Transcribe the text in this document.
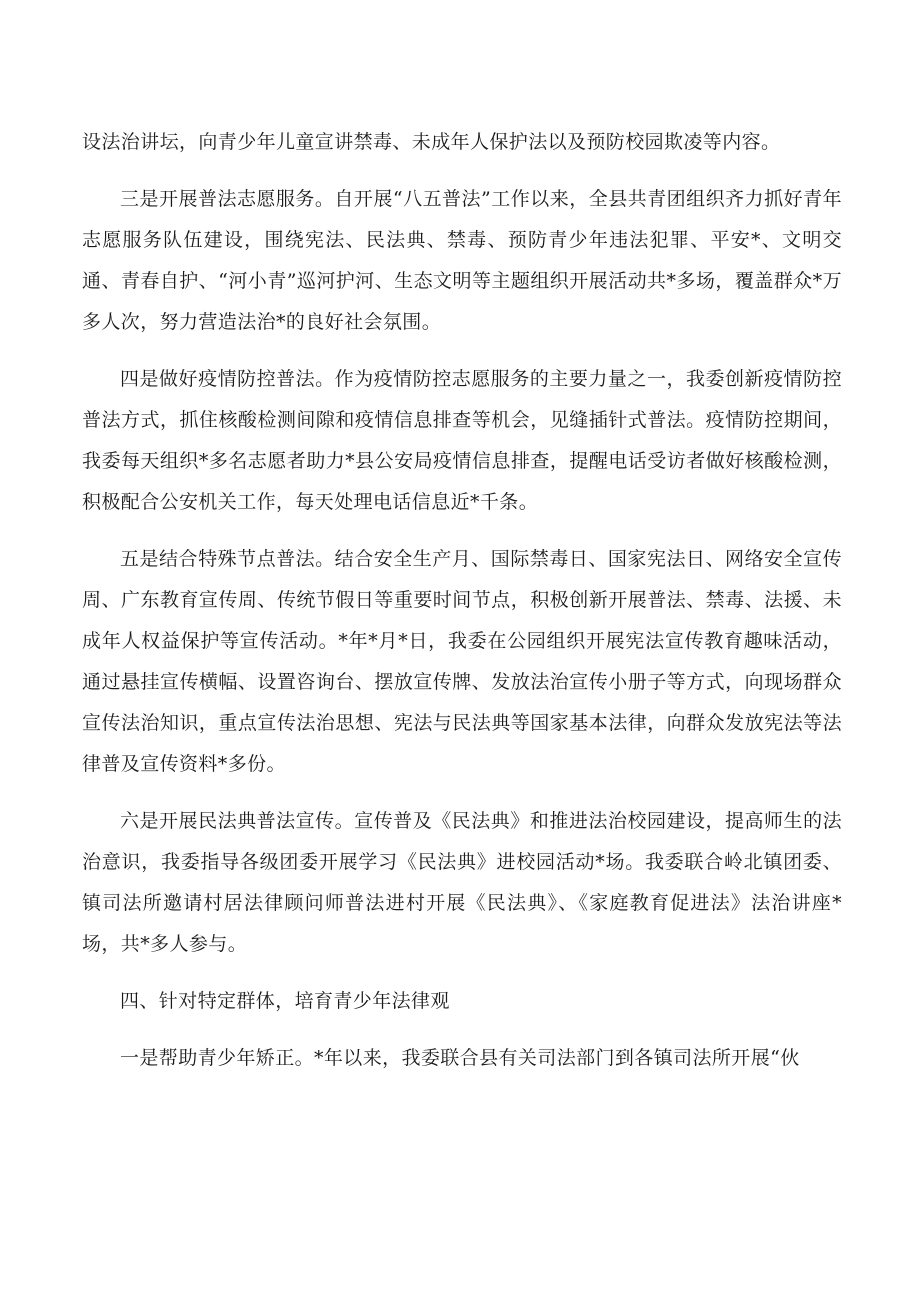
设法治讲坛，向青少年儿童宣讲禁毒、未成年人保护法以及预防校园欺凌等内容。

三是开展普法志愿服务。自开展“八五普法”工作以来，全县共青团组织齐力抓好青年志愿服务队伍建设，围绕宪法、民法典、禁毒、预防青少年违法犯罪、平安*、文明交通、青春自护、“河小青”巡河护河、生态文明等主题组织开展活动共*多场，覆盖群众*万多人次，努力营造法治*的良好社会氛围。

四是做好疫情防控普法。作为疫情防控志愿服务的主要力量之一，我委创新疫情防控普法方式，抓住核酸检测间隙和疫情信息排查等机会，见缝插针式普法。疫情防控期间，我委每天组织*多名志愿者助力*县公安局疫情信息排查，提醒电话受访者做好核酸检测，积极配合公安机关工作，每天处理电话信息近*千条。

五是结合特殊节点普法。结合安全生产月、国际禁毒日、国家宪法日、网络安全宣传周、广东教育宣传周、传统节假日等重要时间节点，积极创新开展普法、禁毒、法援、未成年人权益保护等宣传活动。*年*月*日，我委在公园组织开展宪法宣传教育趣味活动，通过悬挂宣传横幅、设置咨询台、摆放宣传牌、发放法治宣传小册子等方式，向现场群众宣传法治知识，重点宣传法治思想、宪法与民法典等国家基本法律，向群众发放宪法等法律普及宣传资料*多份。

六是开展民法典普法宣传。宣传普及《民法典》和推进法治校园建设，提高师生的法治意识，我委指导各级团委开展学习《民法典》进校园活动*场。我委联合岭北镇团委、镇司法所邀请村居法律顾问师普法进村开展《民法典》、《家庭教育促进法》法治讲座*场，共*多人参与。

四、针对特定群体，培育青少年法律观

一是帮助青少年矫正。*年以来，我委联合县有关司法部门到各镇司法所开展“伙
